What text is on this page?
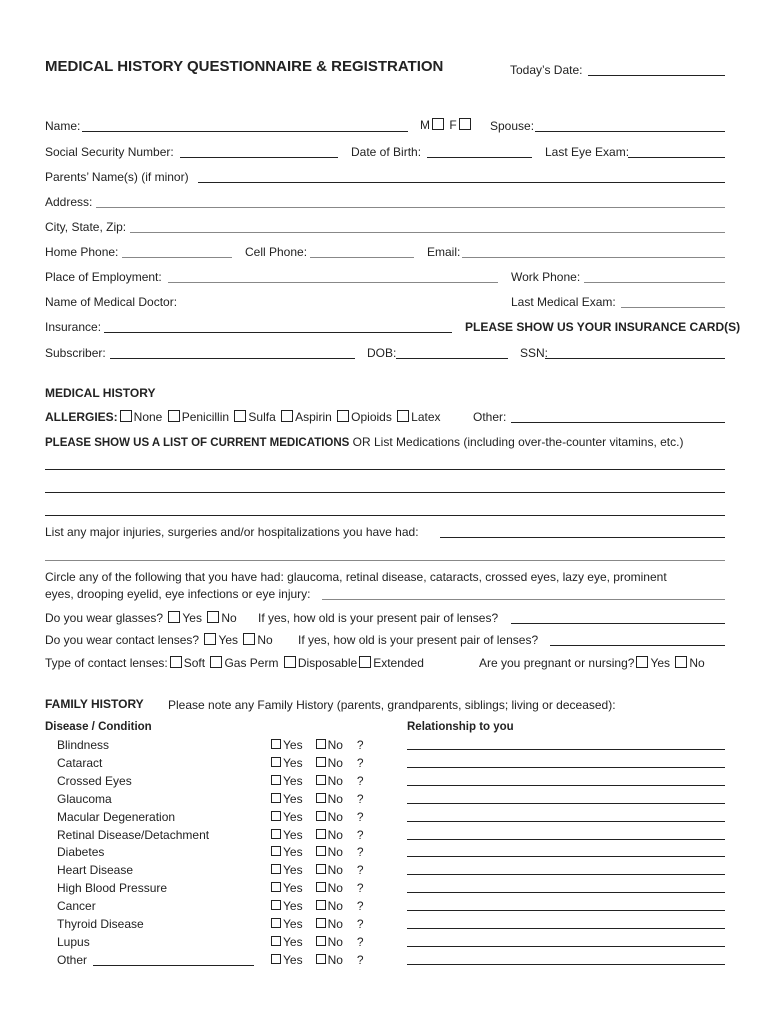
MEDICAL HISTORY QUESTIONNAIRE & REGISTRATION	Today’s Date:
Name:	M F	Spouse:
Social Security Number:	Date of Birth:	Last Eye Exam:
Parents’ Name(s) (if minor)
Address:
City, State, Zip:
Home Phone:	Cell Phone:	Email:
Place of Employment:	Work Phone:
Name of Medical Doctor:	Last Medical Exam:
Insurance:	PLEASE SHOW US YOUR INSURANCE CARD(S)
Subscriber:	DOB:	SSN:
MEDICAL HISTORY
ALLERGIES: None Penicillin Sulfa Aspirin Opioids Latex	Other:
PLEASE SHOW US A LIST OF CURRENT MEDICATIONS OR List Medications (including over-the-counter vitamins, etc.)
List any major injuries, surgeries and/or hospitalizations you have had:
Circle any of the following that you have had: glaucoma, retinal disease, cataracts, crossed eyes, lazy eye, prominent
eyes, drooping eyelid, eye infections or eye injury:
Do you wear glasses? Yes No If yes, how old is your present pair of lenses?
Do you wear contact lenses? Yes No If yes, how old is your present pair of lenses?
Type of contact lenses: Soft Gas Perm Disposable Extended	Are you pregnant or nursing? Yes No
FAMILY HISTORY Please note any Family History (parents, grandparents, siblings; living or deceased):
Disease / Condition	Relationship to you
Blindness	Yes No ?
Cataract	Yes No ?
Crossed Eyes	Yes No ?
Glaucoma	Yes No ?
Macular Degeneration	Yes No ?
Retinal Disease/Detachment	Yes No ?
Diabetes	Yes No ?
Heart Disease	Yes No ?
High Blood Pressure	Yes No ?
Cancer	Yes No ?
Thyroid Disease	Yes No ?
Lupus	Yes No ?
Other	Yes No ?
